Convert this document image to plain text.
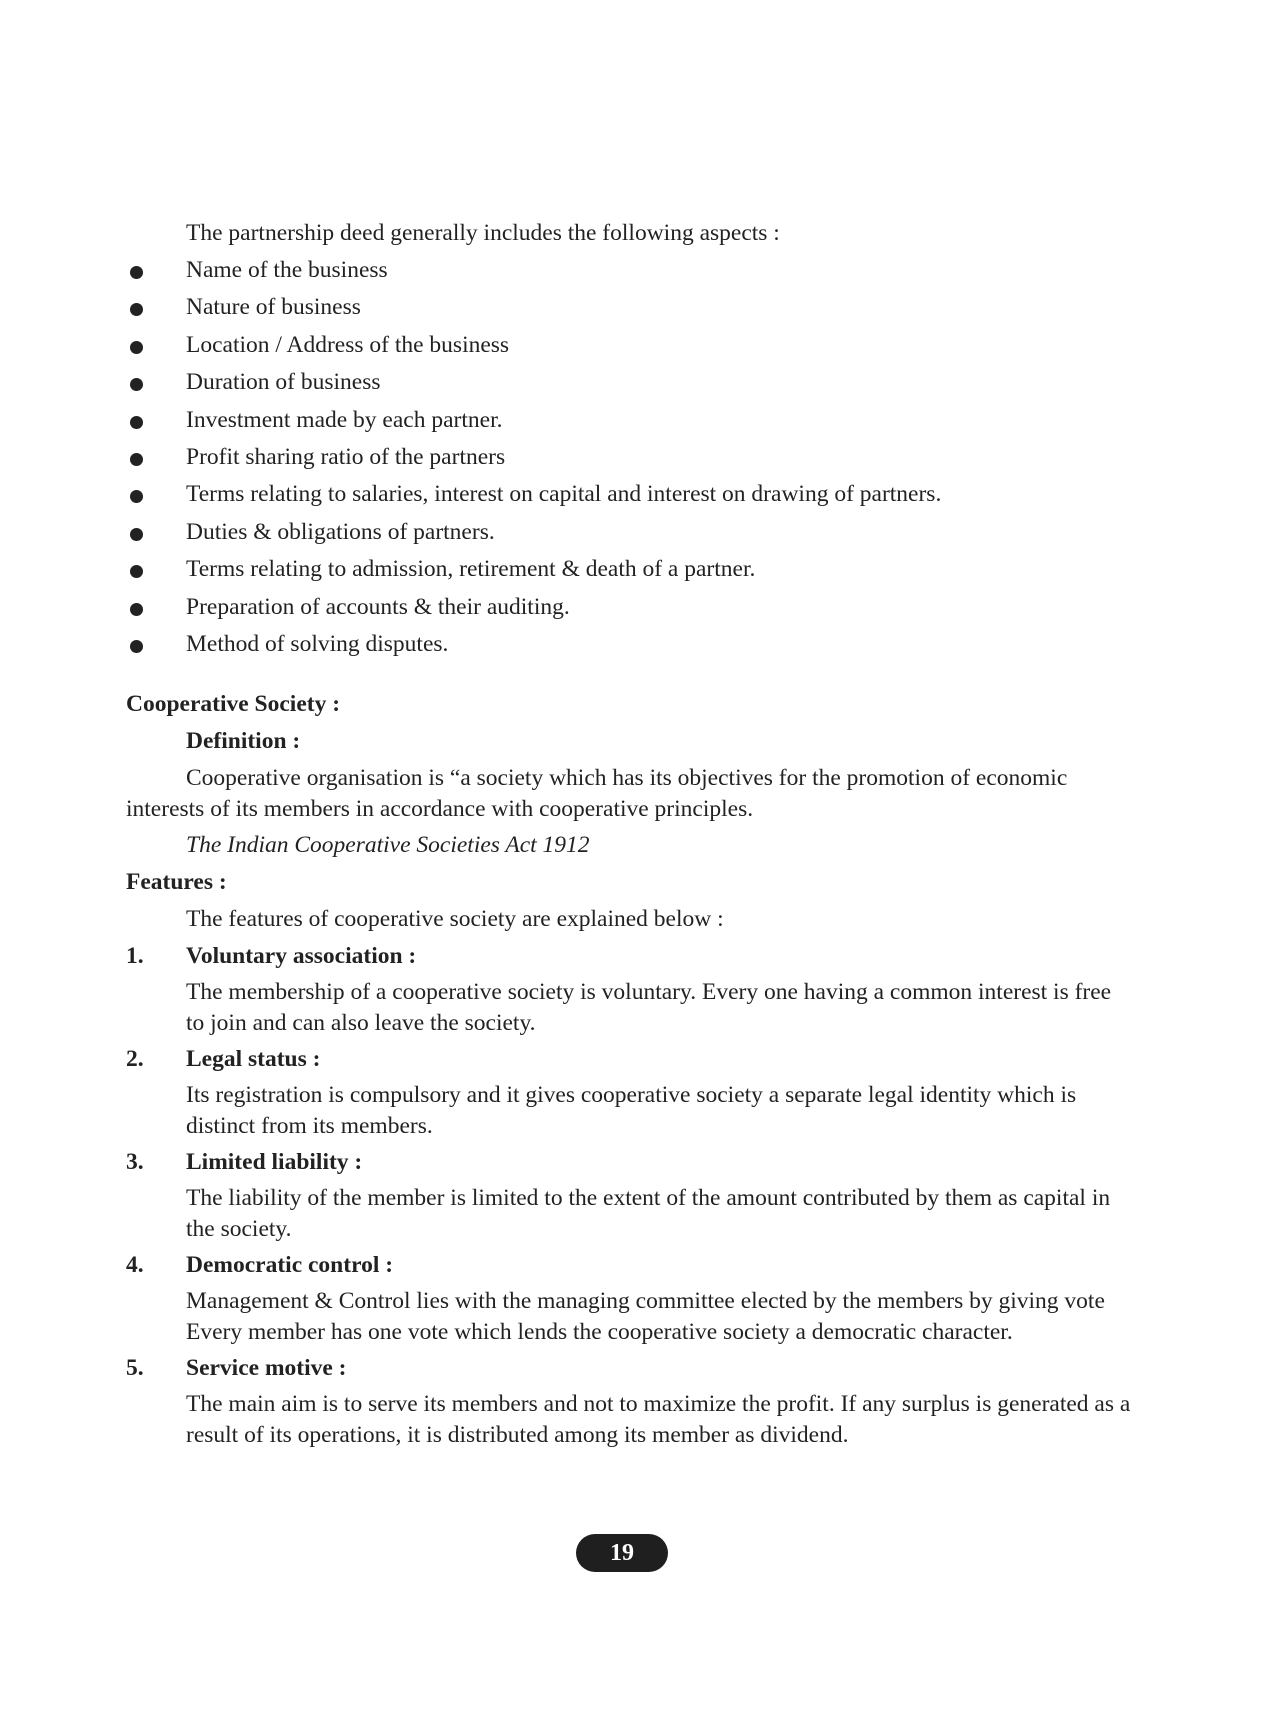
The partnership deed generally includes the following aspects :
Name of the business
Nature of business
Location / Address of the business
Duration of business
Investment made by each partner.
Profit sharing ratio of the partners
Terms relating to salaries, interest on capital and interest on drawing of partners.
Duties & obligations of partners.
Terms relating to admission, retirement & death of a partner.
Preparation of accounts & their auditing.
Method of solving disputes.
Cooperative Society :
Definition :
Cooperative organisation is “a society which has its objectives for the promotion of economic interests of its members in accordance with cooperative principles.
The Indian Cooperative Societies Act 1912
Features :
The features of cooperative society are explained below :
1. Voluntary association :
The membership of a cooperative society is voluntary. Every one having a common interest is free to join and can also leave the society.
2. Legal status :
Its registration is compulsory and it gives cooperative society a separate legal identity which is distinct from its members.
3. Limited liability :
The liability of the member is limited to the extent of the amount contributed by them as capital in the society.
4. Democratic control :
Management & Control lies with the managing committee elected by the members by giving vote Every member has one vote which lends the cooperative society a democratic character.
5. Service motive :
The main aim is to serve its members and not to maximize the profit. If any surplus is generated as a result of its operations, it is distributed among its member as dividend.
19
